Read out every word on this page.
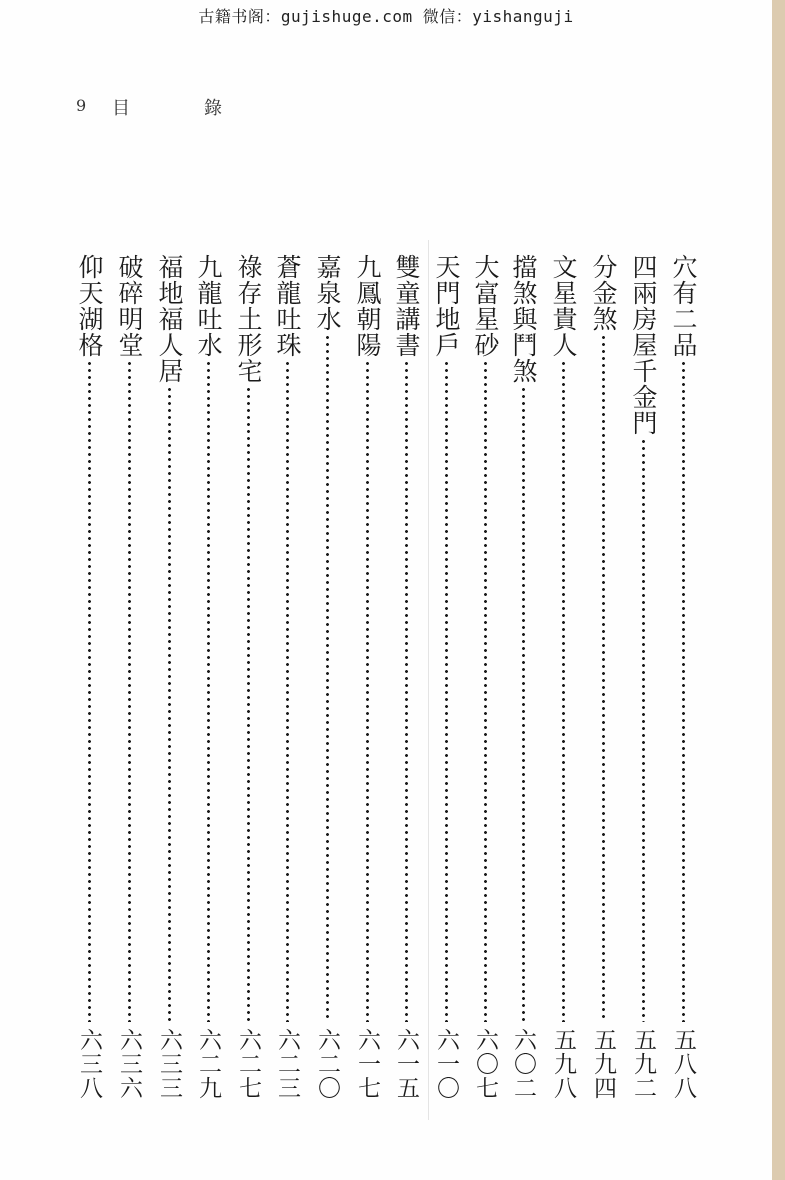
古籍书阁：gujishuge.com 微信：yishanguji
9 目錄
穴有二品
五八八
四兩房屋千金門
五九二
分金煞
五九四
文星貴人
五九八
擋煞與鬥煞
六〇二
大富星砂
六〇七
天門地戶
六一〇
雙童講書
六一五
九鳳朝陽
六一七
嘉泉水
六二〇
蒼龍吐珠
六二三
祿存土形宅
六二七
九龍吐水
六二九
福地福人居
六三三
破碎明堂
六三六
仰天湖格
六三八
